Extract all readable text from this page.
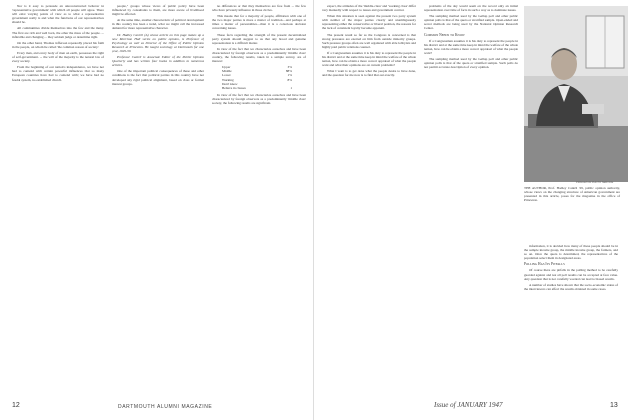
Nor is it easy to persuade an unreconstructed believer in 'representative government' with which all people will agree. There will exist varying points of view as to what a representative government really is and what the functions of our representatives should be.

All communities divide themselves into the few and the many. The first are rich and well born, the other the mass of the people. ... inflexible and changing ... they seldom judge or determine right.

On the other hand, Thomas Jefferson repeatedly placed his faith in the people, on whom he called 'the common reason of society.'

Every man, and every body of men on earth, possesses the right of self-government. ... the will of the majority is the natural law of every society.

From the beginning of our nation's independence, we have not had to contend with certain powerful influences that so many European countries have had to contend with; we have had no feudal system, no established church.

people," groups whose views of public policy have been influenced by consultants to them, are more aware of livelihood might be affected.

At the same time, another characteristic of political development in this country has been a trend, what we might call the increased demand for more representative character.

Dr. Hadley Cantril (A) whose article on this page makes up a new Morrison Hall series on public opinion, is Professor of Psychology as well as Director of the Office of Public Opinion Research at Princeton. He taught sociology at Dartmouth for one year, 1929-30.

Professor Cantril is Associate Editor of the Public Opinion Quarterly and has written four books in addition to numerous articles.

One of the important political consequences of these and other conditions is the fact that political parties in this country have not developed any rigid political alignment, based on class or formal interest groups.

no differences or that they themselves are free from ... the few who have privately influence in those circles.

This means that for a majority of people, affiliation with one of the two major parties is more a matter of tradition—and perhaps at times a matter of personalities—than it is a conscious decision concerning issues.

These facts regarding the strength of the present decentralized party system should suggest to us that any broad and genuine representation is a difficult matter.

In view of the fact that we characterize ourselves and have been characterized by foreign observers as a predominantly 'middle class' country, the following results, taken in a sample survey, are of interest:

Upper	3%
Middle	88%
Lower	1%
Working	8%
Don't know
Believe in classes	1

In view of the fact that we characterize ourselves and have been characterized by foreign observers as a predominantly 'middle class' society, the following results are significant.

12	DARTMOUTH ALUMNI MAGAZINE

expect, the attitudes of the 'middle-class' and 'working class' differ very markedly with respect to issues and government control.

When this situation is seen against the present two party system with neither of the major parties clearly and unambiguously representing either the conservative or liberal position, the reasons for the lack of consistent loyalty become apparent.

The present result so far as the Congress is concerned is that strong pressures are exerted on him from outside minority groups. Such pressure groups often are well organized with able lobbyists and highly paid public relations counsel.

If a Congressman assumes it is his duty to represent the people in his district and at the same time keep in mind the welfare of the whole nation, how can he obtain a more correct appraisal of what the people want and what their opinions are on current problems?

What I want is to get done what the people desire to have done, and the question for me now is to find that out exactly.

problems of the day would seem on the record only an initial representation over time of facts in such a way as to dominate issues.

The sampling method used by the Gallup poll and other public opinion polls is that of the quota or stratified sample. Open-ended and secret methods are being used by the National Opinion Research Center.

Common Needs to Know

If a Congressman assumes it is his duty to represent the people in his district and at the same time keep in mind the welfare of the whole nation, how can he obtain a more correct appraisal of what the people want?

The sampling method used by the Gallup poll and other public opinion polls is that of the quota or stratified sample. Such polls do not permit accurate description of every opinion.

PRINCETON PHOTO SERVICE
THE AUTHOR, Prof. Hadley Cantril '29, public opinion authority, whose views on the changing structure of American government are presented in this article, poses for the magazine in the office of Princeton.

information, it is decided how many of these people should be in the sample income group, the middle income group, the farmers, and so on. Once the quota is determined, the representatives of the population select them in designated areas.

Polling Has Its Pitfalls

Of course there are pitfalls in the polling method to be carefully guarded against and not all poll results can be accepted at face value. Any question that is not carefully worded can lead to biased results.

A number of studies have shown that the socio-economic status of the interviewers can affect the results obtained in some cases.

Issue of JANUARY 1947	13
